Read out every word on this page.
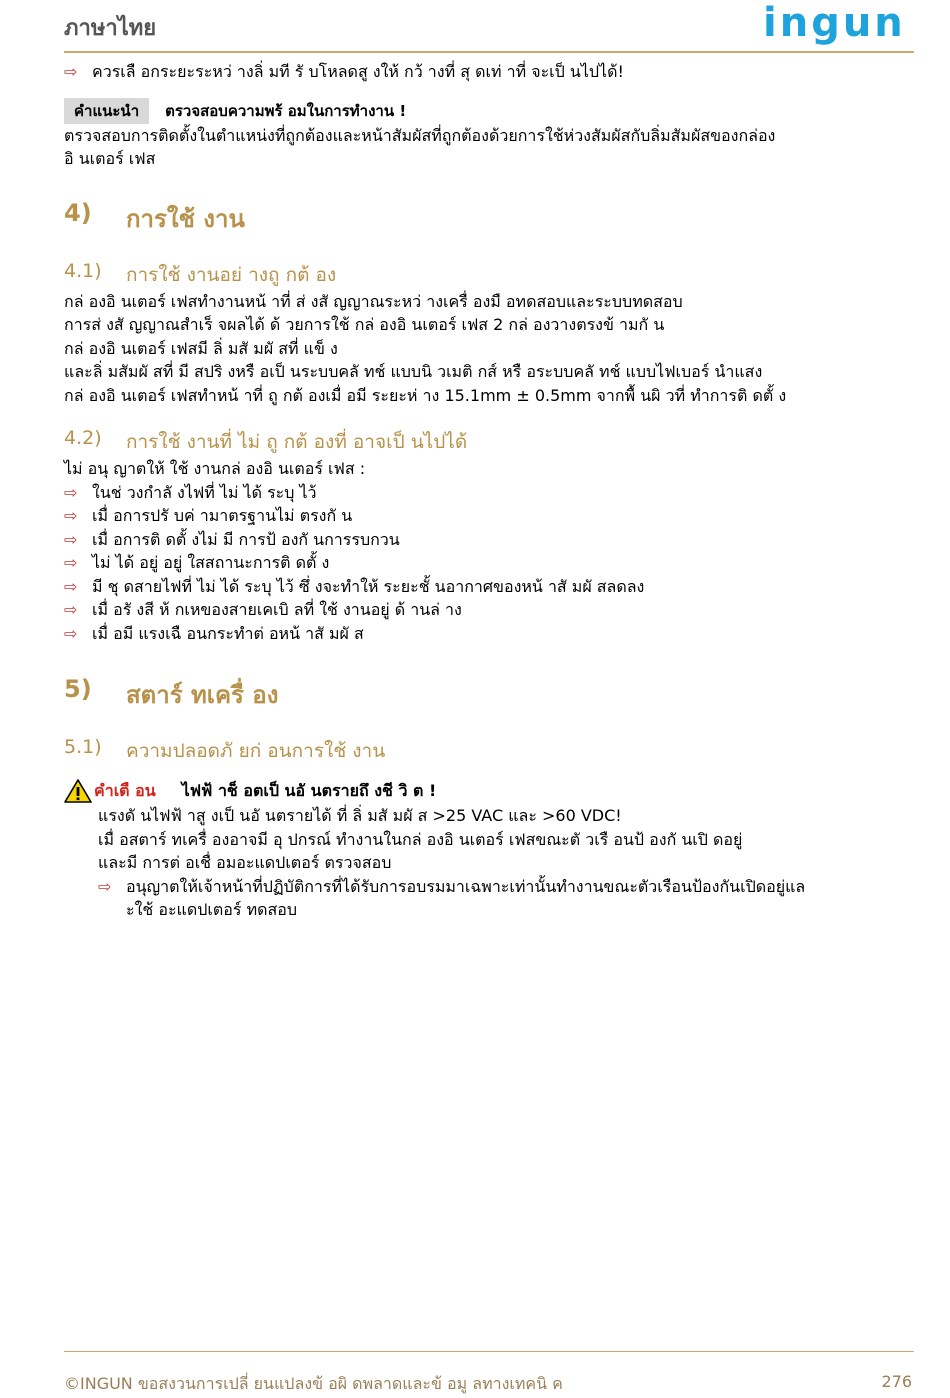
ภาษาไทย	ingun
⇨ ควรเลื อกระยะระหว่ างลิ่ มที รั บโหลดสู งให้ กว้ างที่ สุ ดเท่ าที่ จะเป็ นไปได้!
คำแนะนำ	ตรวจสอบความพร้ อมในการทำงาน !
ตรวจสอบการติดตั้งในตำแหน่งที่ถูกต้องและหน้าสัมผัสที่ถูกต้องด้วยการใช้ห่วงสัมผัสกับลิ่มสัมผัสของกล่อง
อิ นเตอร์ เฟส
4)	การใช้ งาน
4.1)	การใช้ งานอย่ างถู กต้ อง
กล่ องอิ นเตอร์ เฟสทำงานหน้ าที่ ส่ งสั ญญาณระหว่ างเครื่ องมื อทดสอบและระบบทดสอบ
การส่ งสั ญญาณสำเร็ จผลได้ ด้ วยการใช้ กล่ องอิ นเตอร์ เฟส 2 กล่ องวางตรงข้ ามกั น
กล่ องอิ นเตอร์ เฟสมี ลิ่ มสั มผั สที่ แข็ ง
และลิ่ มสัมผั สที่ มี สปริ งหรื อเป็ นระบบคลั ทช์ แบบนิ วเมติ กส์ หรื อระบบคลั ทช์ แบบไฟเบอร์ นำแสง
กล่ องอิ นเตอร์ เฟสทำหน้ าที่ ถู กต้ องเมื่ อมี ระยะห่ าง 15.1mm ± 0.5mm จากพื้ นผิ วที่ ทำการติ ดตั้ ง
4.2)	การใช้ งานที่ ไม่ ถู กต้ องที่ อาจเป็ นไปได้
ไม่ อนุ ญาตให้ ใช้ งานกล่ องอิ นเตอร์ เฟส :
⇨ ในช่ วงกำลั งไฟที่ ไม่ ได้ ระบุ ไว้
⇨ เมื่ อการปรั บค่ ามาตรฐานไม่ ตรงกั น
⇨ เมื่ อการติ ดตั้ งไม่ มี การป้ องกั นการรบกวน
⇨ ไม่ ได้ อยู่ อยู่ ใสสถานะการติ ดตั้ ง
⇨ มี ชุ ดสายไฟที่ ไม่ ได้ ระบุ ไว้ ซึ่ งจะทำให้ ระยะชั้ นอากาศของหน้ าสั มผั สลดลง
⇨ เมื่ อรั งสี ห้ กเหของสายเคเบิ ลที่ ใช้ งานอยู่ ด้ านล่ าง
⇨ เมื่ อมี แรงเฉื อนกระทำต่ อหน้ าสั มผั ส
5)	สตาร์ ทเครื่ อง
5.1)	ความปลอดภั ยก่ อนการใช้ งาน
คำเตื อน ไฟฟ้ าช็ อตเป็ นอั นตรายถึ งชี วิ ต !
แรงดั นไฟฟ้ าสู งเป็ นอั นตรายได้ ที่ ลิ่ มสั มผั ส >25 VAC และ >60 VDC!
เมื่ อสตาร์ ทเครื่ องอาจมี อุ ปกรณ์ ทำงานในกล่ องอิ นเตอร์ เฟสขณะตั วเรื อนป้ องกั นเปิ ดอยู่
และมี การต่ อเชื่ อมอะแดปเตอร์ ตรวจสอบ
⇨ อนุญาตให้เจ้าหน้าที่ปฏิบัติการที่ได้รับการอบรมมาเฉพาะเท่านั้นทำงานขณะตัวเรือนป้องกันเปิดอยู่แล
ะใช้ อะแดปเตอร์ ทดสอบ
©INGUN ขอสงวนการเปลี่ ยนแปลงข้ อผิ ดพลาดและข้ อมู ลทางเทคนิ ค	276
